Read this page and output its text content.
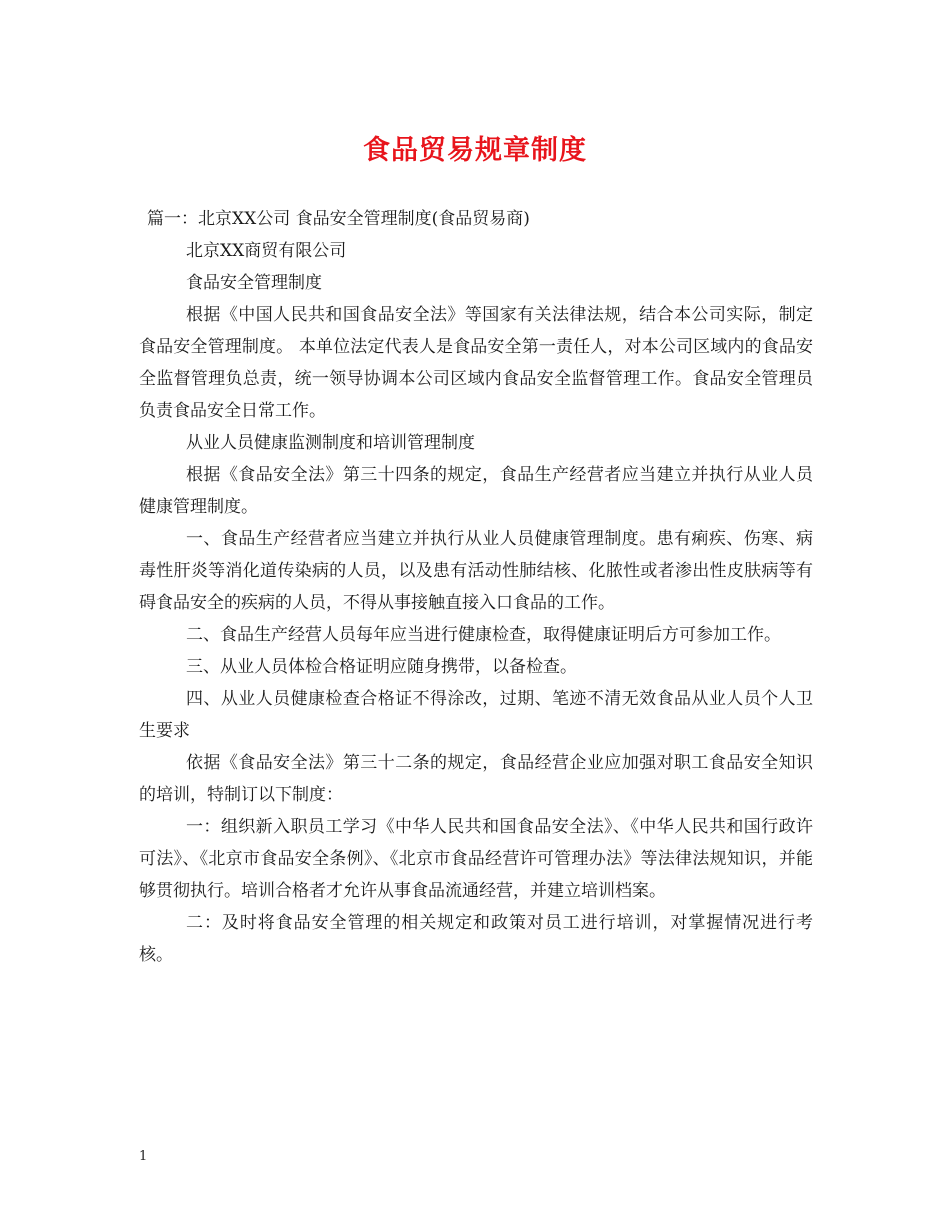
食品贸易规章制度

篇一：北京XX公司 食品安全管理制度(食品贸易商)

北京XX商贸有限公司

食品安全管理制度

根据《中国人民共和国食品安全法》等国家有关法律法规，结合本公司实际，制定食品安全管理制度。 本单位法定代表人是食品安全第一责任人，对本公司区域内的食品安全监督管理负总责，统一领导协调本公司区域内食品安全监督管理工作。食品安全管理员负责食品安全日常工作。

从业人员健康监测制度和培训管理制度

根据《食品安全法》第三十四条的规定，食品生产经营者应当建立并执行从业人员健康管理制度。

一、食品生产经营者应当建立并执行从业人员健康管理制度。患有痢疾、伤寒、病毒性肝炎等消化道传染病的人员，以及患有活动性肺结核、化脓性或者渗出性皮肤病等有碍食品安全的疾病的人员，不得从事接触直接入口食品的工作。

二、食品生产经营人员每年应当进行健康检查，取得健康证明后方可参加工作。

三、从业人员体检合格证明应随身携带，以备检查。

四、从业人员健康检查合格证不得涂改，过期、笔迹不清无效食品从业人员个人卫生要求

依据《食品安全法》第三十二条的规定，食品经营企业应加强对职工食品安全知识的培训，特制订以下制度：

一：组织新入职员工学习《中华人民共和国食品安全法》、《中华人民共和国行政许可法》、《北京市食品安全条例》、《北京市食品经营许可管理办法》等法律法规知识，并能够贯彻执行。培训合格者才允许从事食品流通经营，并建立培训档案。

二：及时将食品安全管理的相关规定和政策对员工进行培训，对掌握情况进行考核。

1
